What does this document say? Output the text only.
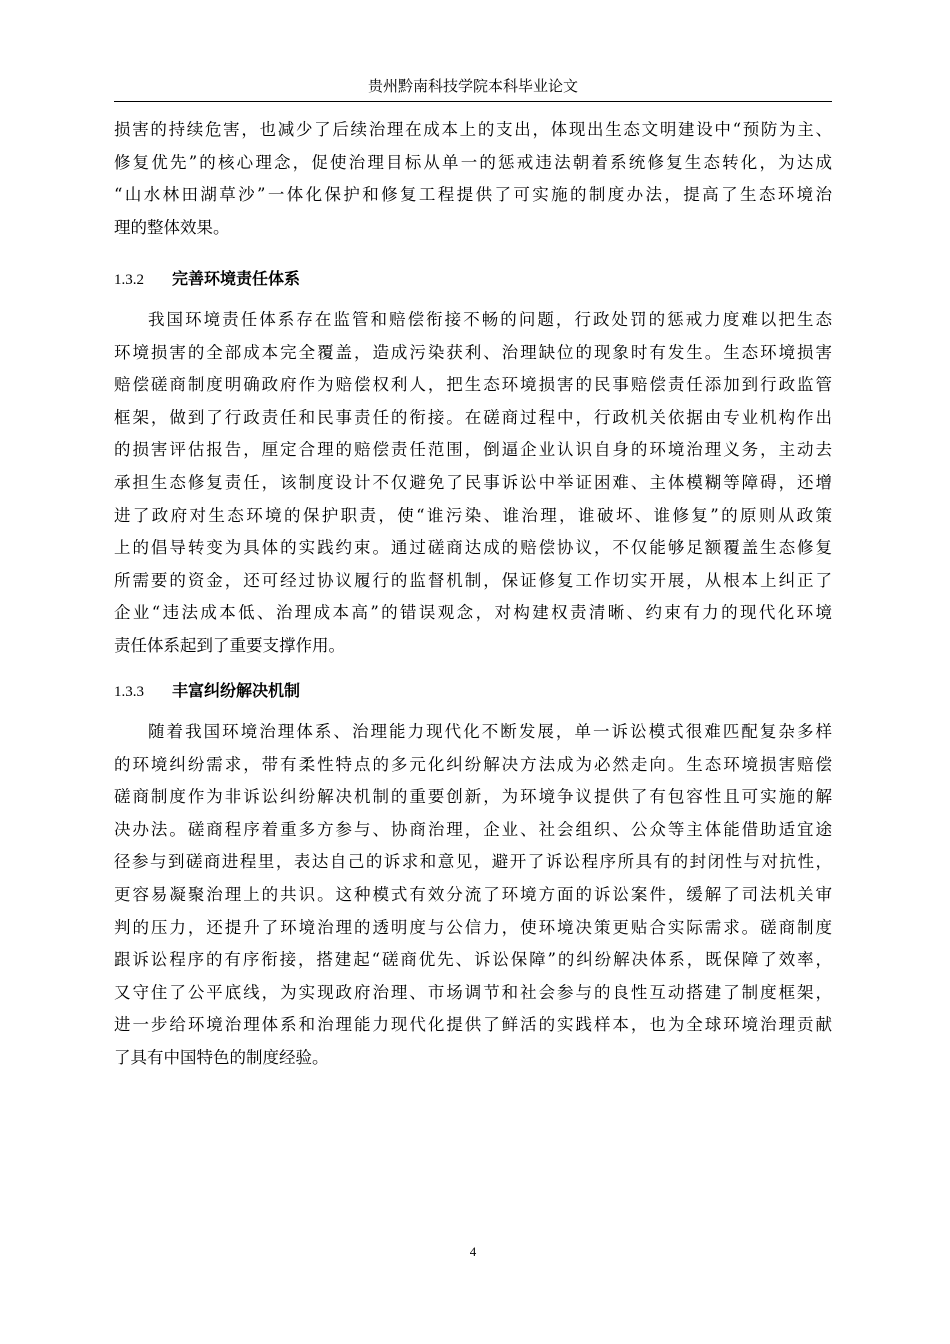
贵州黔南科技学院本科毕业论文
损害的持续危害，也减少了后续治理在成本上的支出，体现出生态文明建设中“预防为主、
修复优先”的核心理念，促使治理目标从单一的惩戒违法朝着系统修复生态转化，为达成
“山水林田湖草沙”一体化保护和修复工程提供了可实施的制度办法，提高了生态环境治
理的整体效果。
1.3.2 完善环境责任体系
我国环境责任体系存在监管和赔偿衔接不畅的问题，行政处罚的惩戒力度难以把生态
环境损害的全部成本完全覆盖，造成污染获利、治理缺位的现象时有发生。生态环境损害
赔偿磋商制度明确政府作为赔偿权利人，把生态环境损害的民事赔偿责任添加到行政监管
框架，做到了行政责任和民事责任的衔接。在磋商过程中，行政机关依据由专业机构作出
的损害评估报告，厘定合理的赔偿责任范围，倒逼企业认识自身的环境治理义务，主动去
承担生态修复责任，该制度设计不仅避免了民事诉讼中举证困难、主体模糊等障碍，还增
进了政府对生态环境的保护职责，使“谁污染、谁治理，谁破坏、谁修复”的原则从政策
上的倡导转变为具体的实践约束。通过磋商达成的赔偿协议，不仅能够足额覆盖生态修复
所需要的资金，还可经过协议履行的监督机制，保证修复工作切实开展，从根本上纠正了
企业“违法成本低、治理成本高”的错误观念，对构建权责清晰、约束有力的现代化环境
责任体系起到了重要支撑作用。
1.3.3 丰富纠纷解决机制
随着我国环境治理体系、治理能力现代化不断发展，单一诉讼模式很难匹配复杂多样
的环境纠纷需求，带有柔性特点的多元化纠纷解决方法成为必然走向。生态环境损害赔偿
磋商制度作为非诉讼纠纷解决机制的重要创新，为环境争议提供了有包容性且可实施的解
决办法。磋商程序着重多方参与、协商治理，企业、社会组织、公众等主体能借助适宜途
径参与到磋商进程里，表达自己的诉求和意见，避开了诉讼程序所具有的封闭性与对抗性，
更容易凝聚治理上的共识。这种模式有效分流了环境方面的诉讼案件，缓解了司法机关审
判的压力，还提升了环境治理的透明度与公信力，使环境决策更贴合实际需求。磋商制度
跟诉讼程序的有序衔接，搭建起“磋商优先、诉讼保障”的纠纷解决体系，既保障了效率，
又守住了公平底线，为实现政府治理、市场调节和社会参与的良性互动搭建了制度框架，
进一步给环境治理体系和治理能力现代化提供了鲜活的实践样本，也为全球环境治理贡献
了具有中国特色的制度经验。
4
